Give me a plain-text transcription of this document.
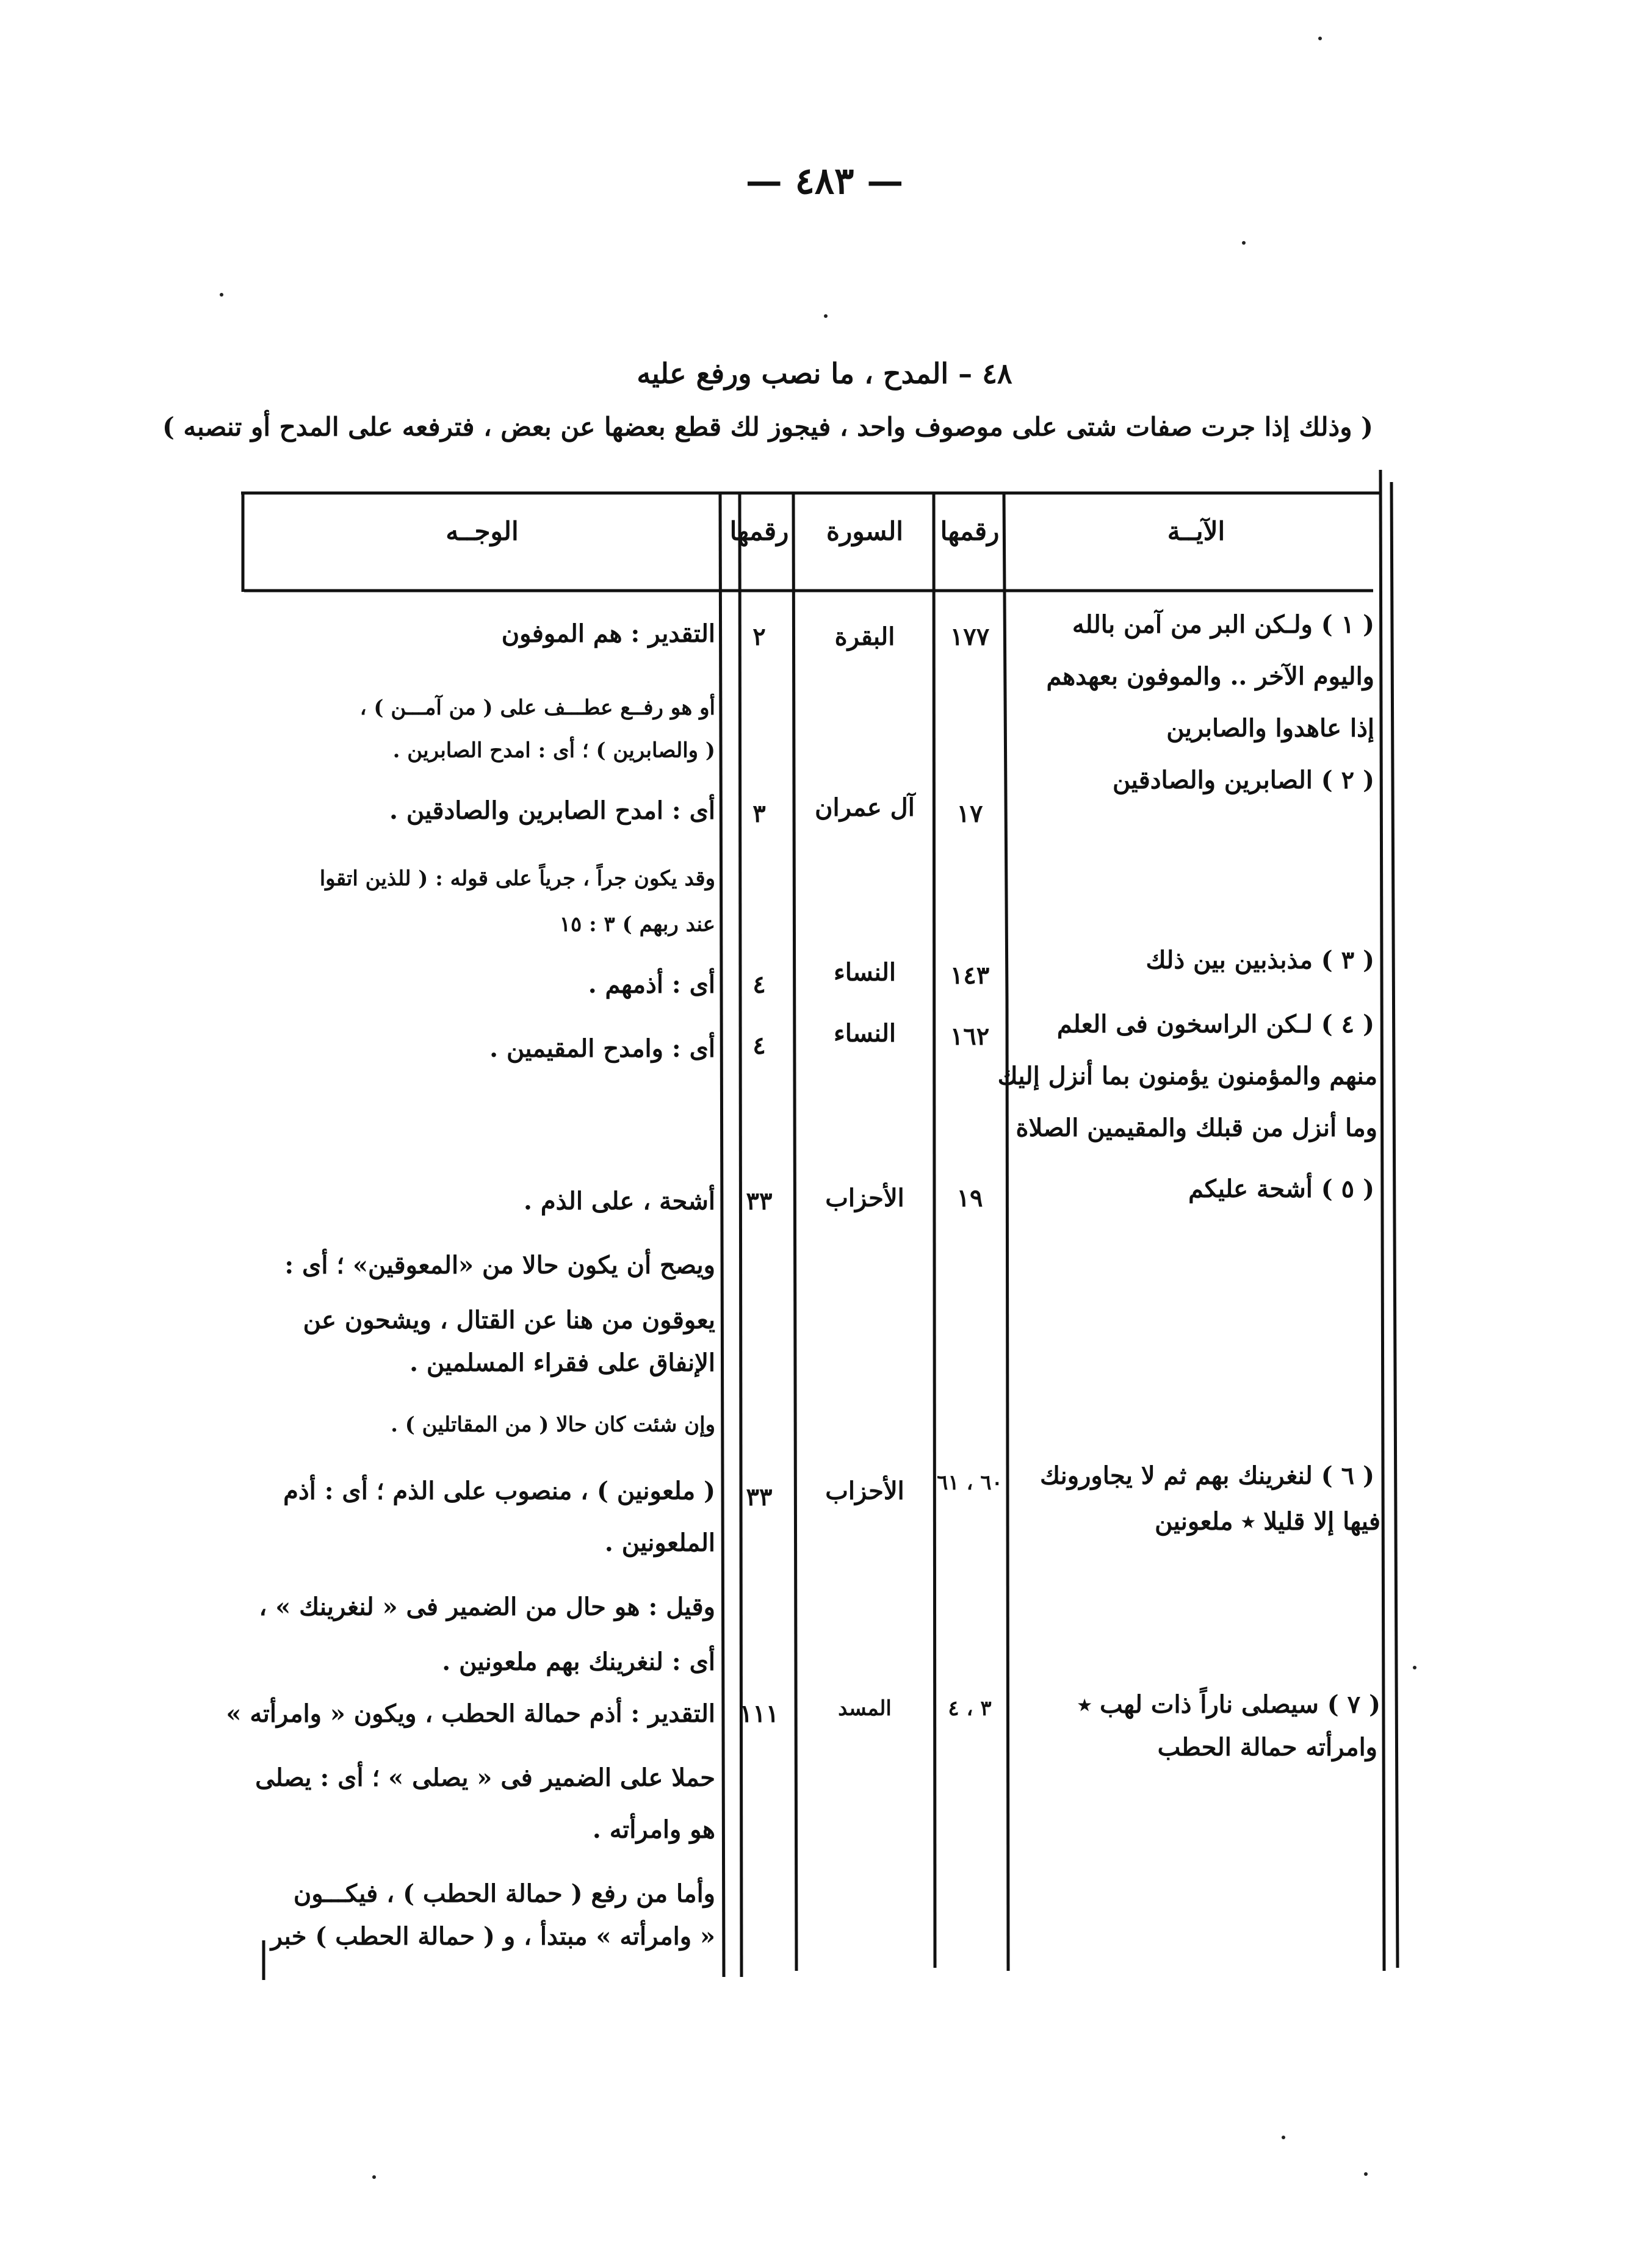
— ٤٨٣ —
٤٨ – المدح ، ما نصب ورفع عليه
( وذلك إذا جرت صفات شتى على موصوف واحد ، فيجوز لك قطع بعضها عن بعض ، فترفعه على المدح أو تنصبه )
الآيــة
رقمها
السورة
رقمها
الوجــه
( ١ ) ولـكن البر من آمن بالله
واليوم الآخر .. والموفون بعهدهم
إذا عاهدوا والصابرين
١٧٧
البقرة
٢
التقدير : هم الموفون
أو هو رفــع عطـــف على ( من آمـــن ) ،
( والصابرين ) ؛ أى : امدح الصابرين .
( ٢ ) الصابرين والصادقين
١٧
آل عمران
٣
أى : امدح الصابرين والصادقين .
وقد يكون جراً ، جرياً على قوله : ( للذين اتقوا
عند ربهم ) ٣ : ١٥
( ٣ ) مذبذبين بين ذلك
١٤٣
النساء
٤
أى : أذمهم .
( ٤ ) لـكن الراسخون فى العلم
منهم والمؤمنون يؤمنون بما أنزل إليك
وما أنزل من قبلك والمقيمين الصلاة
١٦٢
النساء
٤
أى : وامدح المقيمين .
( ٥ ) أشحة عليكم
١٩
الأحزاب
٣٣
أشحة ، على الذم .
ويصح أن يكون حالا من «المعوقين» ؛ أى :
يعوقون من هنا عن القتال ، ويشحون عن
الإنفاق على فقراء المسلمين .
وإن شئت كان حالا ( من المقاتلين ) .
( ٦ ) لنغرينك بهم ثم لا يجاورونك
فيها إلا قليلا ٭ ملعونين
٦٠ ، ٦١
الأحزاب
٣٣
( ملعونين ) ، منصوب على الذم ؛ أى : أذم
الملعونين .
وقيل : هو حال من الضمير فى « لنغرينك » ،
أى : لنغرينك بهم ملعونين .
( ٧ ) سيصلى ناراً ذات لهب ٭
وامرأته حمالة الحطب
٣ ، ٤
المسد
١١١
التقدير : أذم حمالة الحطب ، ويكون « وامرأته »
حملا على الضمير فى « يصلى » ؛ أى : يصلى
هو وامرأته .
وأما من رفع ( حمالة الحطب ) ، فيكـــون
« وامرأته » مبتدأ ، و ( حمالة الحطب ) خبر
